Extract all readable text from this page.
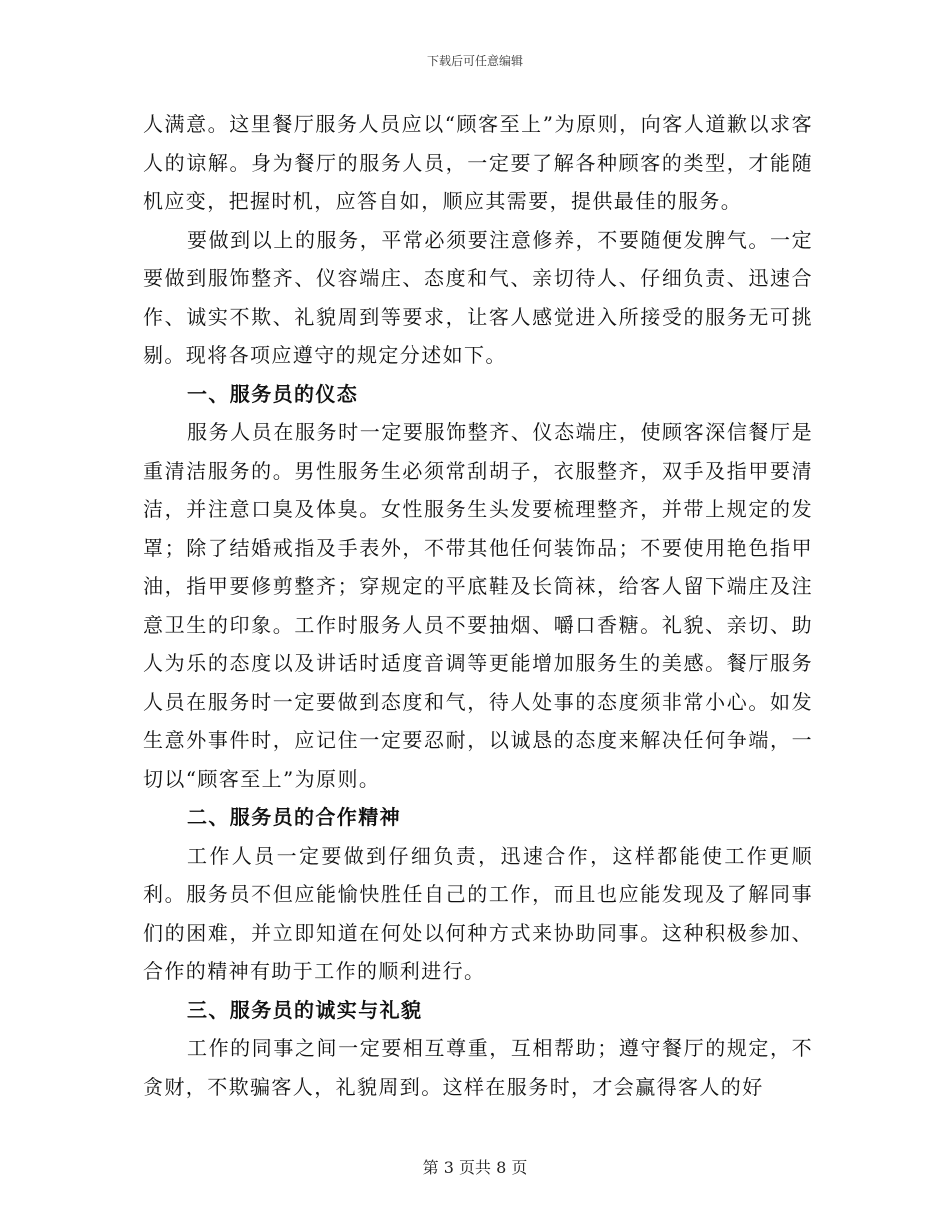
下载后可任意编辑

人满意。这里餐厅服务人员应以“顾客至上”为原则，向客人道歉以求客人的谅解。身为餐厅的服务人员，一定要了解各种顾客的类型，才能随机应变，把握时机，应答自如，顺应其需要，提供最佳的服务。

要做到以上的服务，平常必须要注意修养，不要随便发脾气。一定要做到服饰整齐、仪容端庄、态度和气、亲切待人、仔细负责、迅速合作、诚实不欺、礼貌周到等要求，让客人感觉进入所接受的服务无可挑剔。现将各项应遵守的规定分述如下。

一、服务员的仪态

服务人员在服务时一定要服饰整齐、仪态端庄，使顾客深信餐厅是重清洁服务的。男性服务生必须常刮胡子，衣服整齐，双手及指甲要清洁，并注意口臭及体臭。女性服务生头发要梳理整齐，并带上规定的发罩；除了结婚戒指及手表外，不带其他任何装饰品；不要使用艳色指甲油，指甲要修剪整齐；穿规定的平底鞋及长筒袜，给客人留下端庄及注意卫生的印象。工作时服务人员不要抽烟、嚼口香糖。礼貌、亲切、助人为乐的态度以及讲话时适度音调等更能增加服务生的美感。餐厅服务人员在服务时一定要做到态度和气，待人处事的态度须非常小心。如发生意外事件时，应记住一定要忍耐，以诚恳的态度来解决任何争端，一切以“顾客至上”为原则。

二、服务员的合作精神

工作人员一定要做到仔细负责，迅速合作，这样都能使工作更顺利。服务员不但应能愉快胜任自己的工作，而且也应能发现及了解同事们的困难，并立即知道在何处以何种方式来协助同事。这种积极参加、合作的精神有助于工作的顺利进行。

三、服务员的诚实与礼貌

工作的同事之间一定要相互尊重，互相帮助；遵守餐厅的规定，不贪财，不欺骗客人，礼貌周到。这样在服务时，才会赢得客人的好

第 3 页共 8 页
